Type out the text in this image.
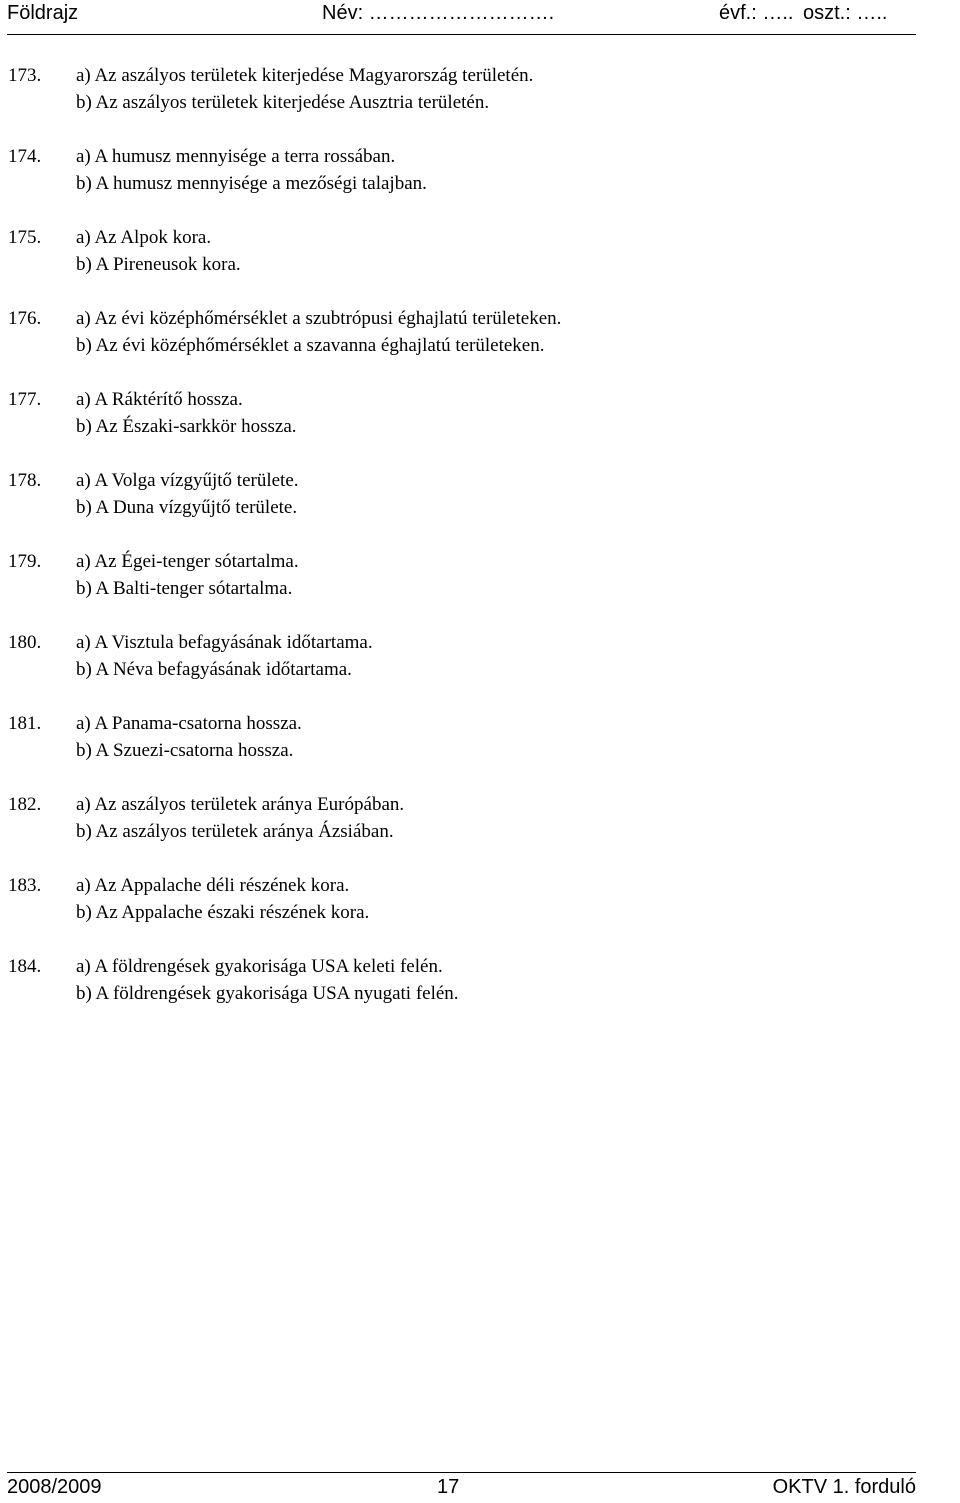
Földrajz	Név: ……………………….	évf.: ….. oszt.: …..
173. a) Az aszályos területek kiterjedése Magyarország területén.
b) Az aszályos területek kiterjedése Ausztria területén.
174. a) A humusz mennyisége a terra rossában.
b) A humusz mennyisége a mezőségi talajban.
175. a) Az Alpok kora.
b) A Pireneusok kora.
176. a) Az évi középhőmérséklet a szubtrópusi éghajlatú területeken.
b) Az évi középhőmérséklet a szavanna éghajlatú területeken.
177. a) A Ráktérítő hossza.
b) Az Északi-sarkkör hossza.
178. a) A Volga vízgyűjtő területe.
b) A Duna vízgyűjtő területe.
179. a) Az Égei-tenger sótartalma.
b) A Balti-tenger sótartalma.
180. a) A Visztula befagyásának időtartama.
b) A Néva befagyásának időtartama.
181. a) A Panama-csatorna hossza.
b) A Szuezi-csatorna hossza.
182. a) Az aszályos területek aránya Európában.
b) Az aszályos területek aránya Ázsiában.
183. a) Az Appalache déli részének kora.
b) Az Appalache északi részének kora.
184. a) A földrengések gyakorisága USA keleti felén.
b) A földrengések gyakorisága USA nyugati felén.
2008/2009	17	OKTV 1. forduló
